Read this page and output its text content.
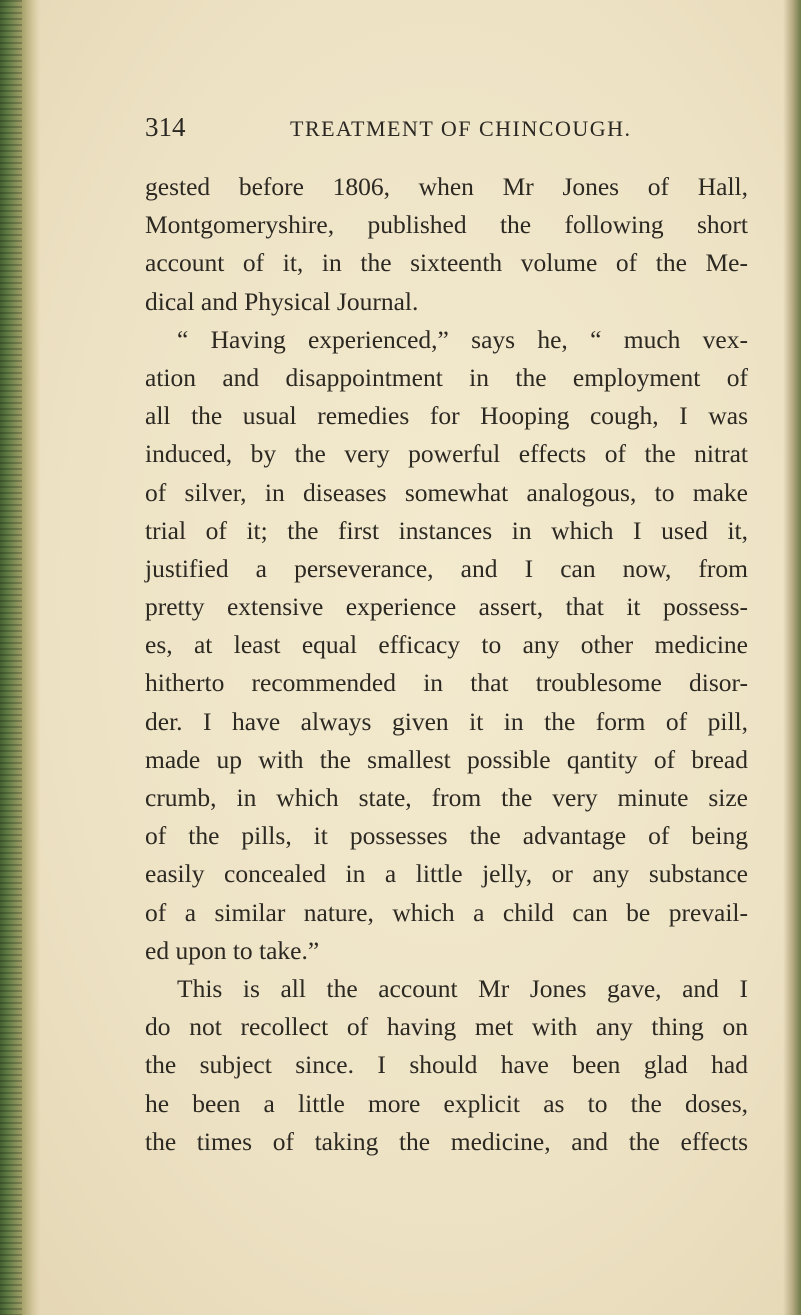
314	TREATMENT OF CHINCOUGH.
gested before 1806, when Mr Jones of Hall,
Montgomeryshire, published the following short
account of it, in the sixteenth volume of the Me-
dical and Physical Journal.
“ Having experienced,” says he, “ much vex-
ation and disappointment in the employment of
all the usual remedies for Hooping cough, I was
induced, by the very powerful effects of the nitrat
of silver, in diseases somewhat analogous, to make
trial of it; the first instances in which I used it,
justified a perseverance, and I can now, from
pretty extensive experience assert, that it possess-
es, at least equal efficacy to any other medicine
hitherto recommended in that troublesome disor-
der. I have always given it in the form of pill,
made up with the smallest possible qantity of bread
crumb, in which state, from the very minute size
of the pills, it possesses the advantage of being
easily concealed in a little jelly, or any substance
of a similar nature, which a child can be prevail-
ed upon to take.”
This is all the account Mr Jones gave, and I
do not recollect of having met with any thing on
the subject since. I should have been glad had
he been a little more explicit as to the doses,
the times of taking the medicine, and the effects
